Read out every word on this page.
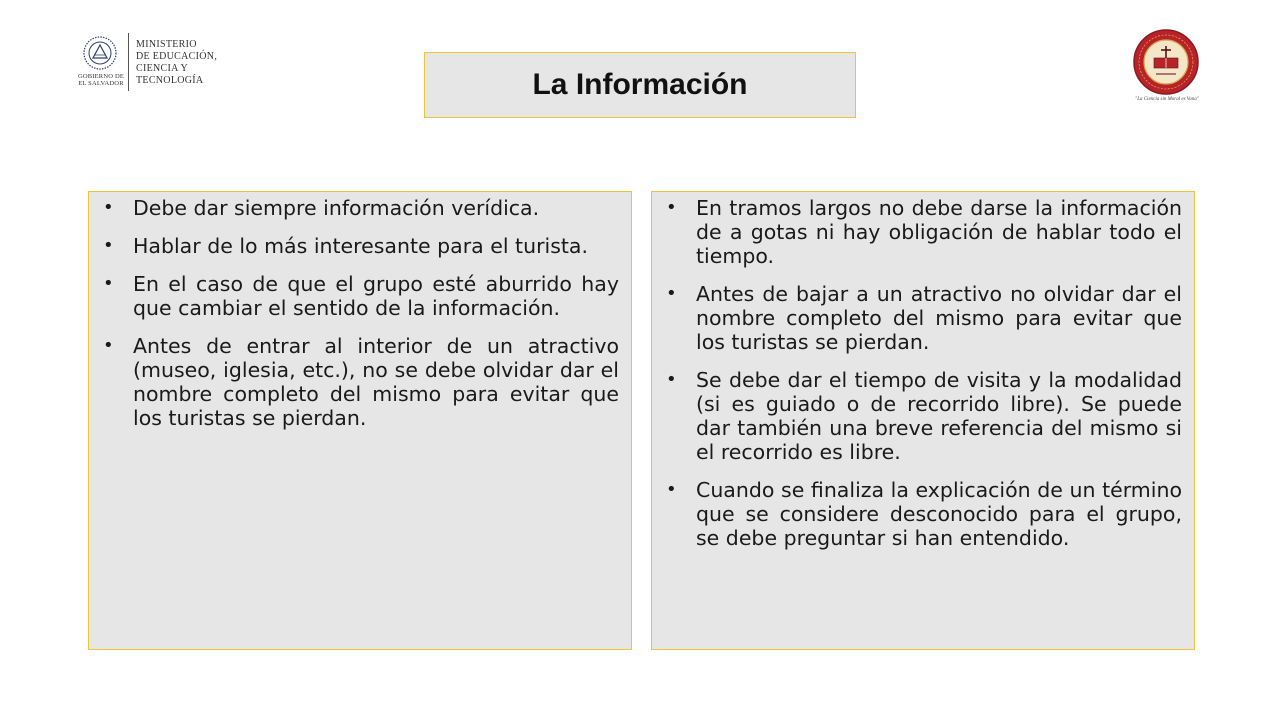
GOBIERNO DE EL SALVADOR
MINISTERIO
DE EDUCACIÓN,
CIENCIA Y
TECNOLOGÍA	La Información	"La Ciencia sin Moral es Vana"
• Debe dar siempre información verídica.
• Hablar de lo más interesante para el turista.
• En el caso de que el grupo esté aburrido hay que cambiar el sentido de la información.
• Antes de entrar al interior de un atractivo (museo, iglesia, etc.), no se debe olvidar dar el nombre completo del mismo para evitar que los turistas se pierdan.
• En tramos largos no debe darse la información de a gotas ni hay obligación de hablar todo el tiempo.
• Antes de bajar a un atractivo no olvidar dar el nombre completo del mismo para evitar que los turistas se pierdan.
• Se debe dar el tiempo de visita y la modalidad (si es guiado o de recorrido libre). Se puede dar también una breve referencia del mismo si el recorrido es libre.
• Cuando se finaliza la explicación de un término que se considere desconocido para el grupo, se debe preguntar si han entendido.
